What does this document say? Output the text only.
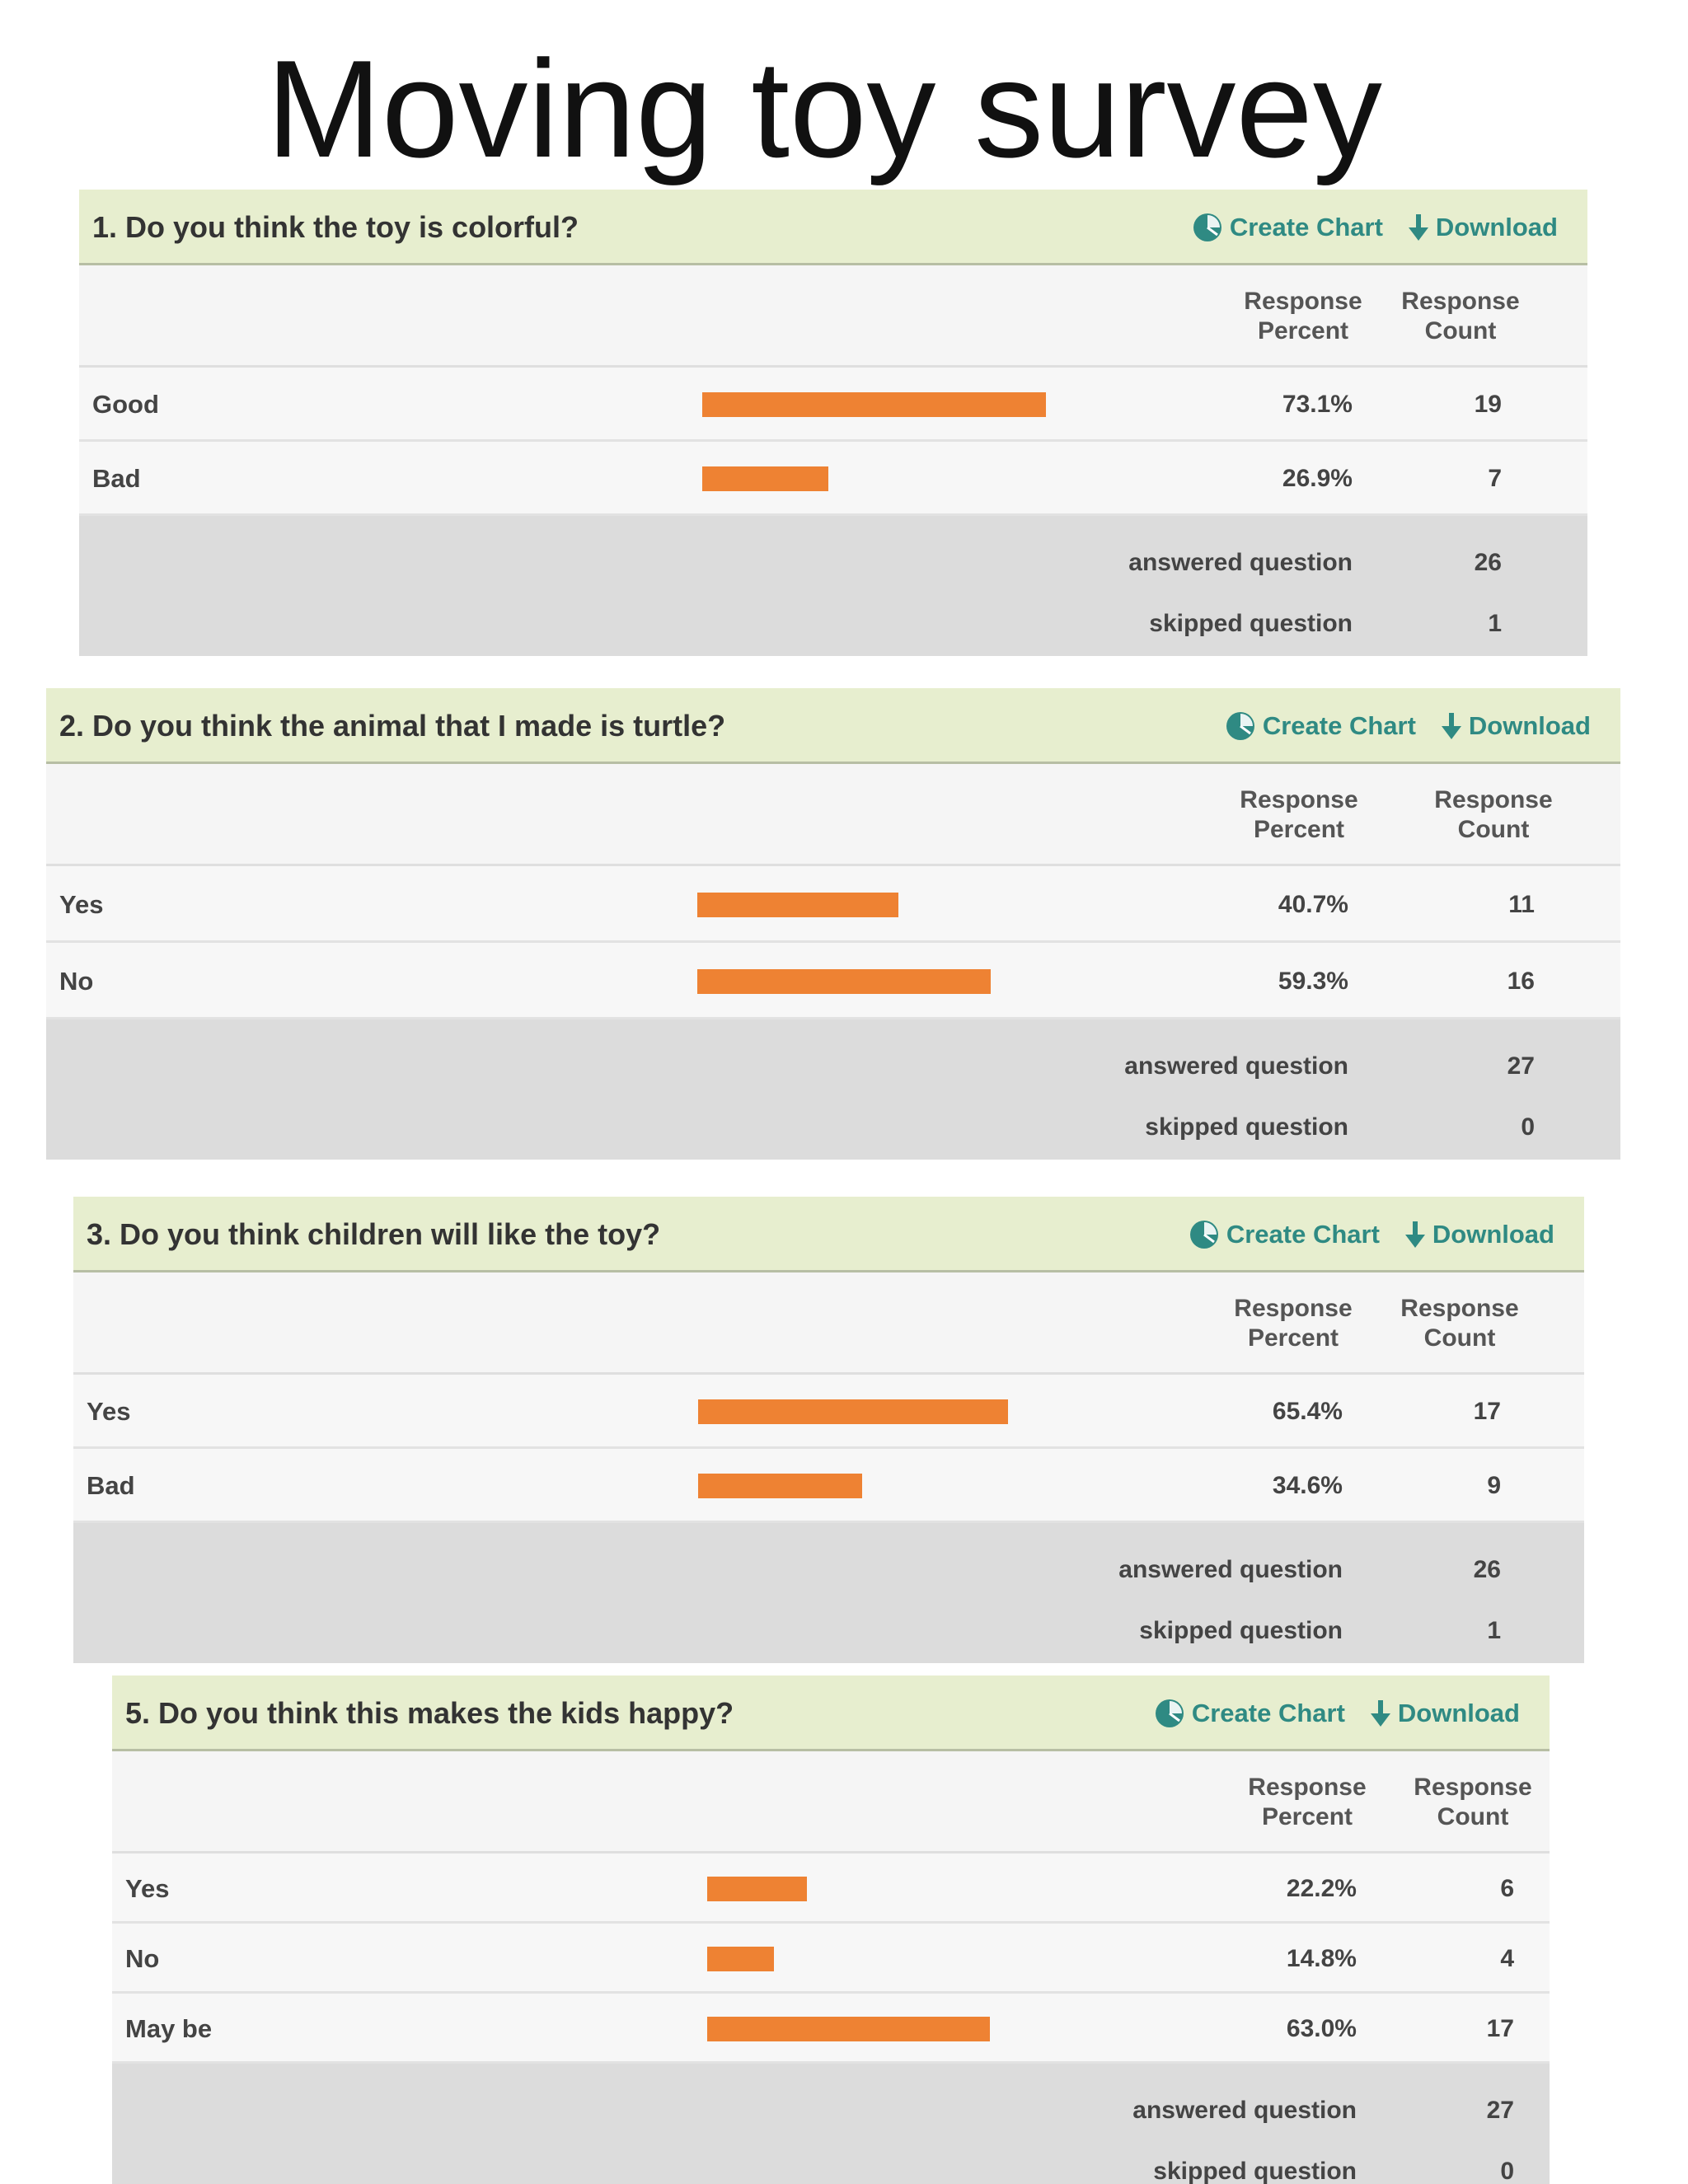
Moving toy survey
1. Do you think the toy is colorful?	Create Chart Download
Response Percent
Response Count
Good	73.1%	19
Bad	26.9%	7
answered question	26
skipped question	1
2. Do you think the animal that I made is turtle?	Create Chart Download
Response Percent
Response Count
Yes	40.7%	11
No	59.3%	16
answered question	27
skipped question	0
3. Do you think children will like the toy?	Create Chart Download
Response Percent
Response Count
Yes	65.4%	17
Bad	34.6%	9
answered question	26
skipped question	1
5. Do you think this makes the kids happy?	Create Chart Download
Response Percent
Response Count
Yes	22.2%	6
No	14.8%	4
May be	63.0%	17
answered question	27
skipped question	0
